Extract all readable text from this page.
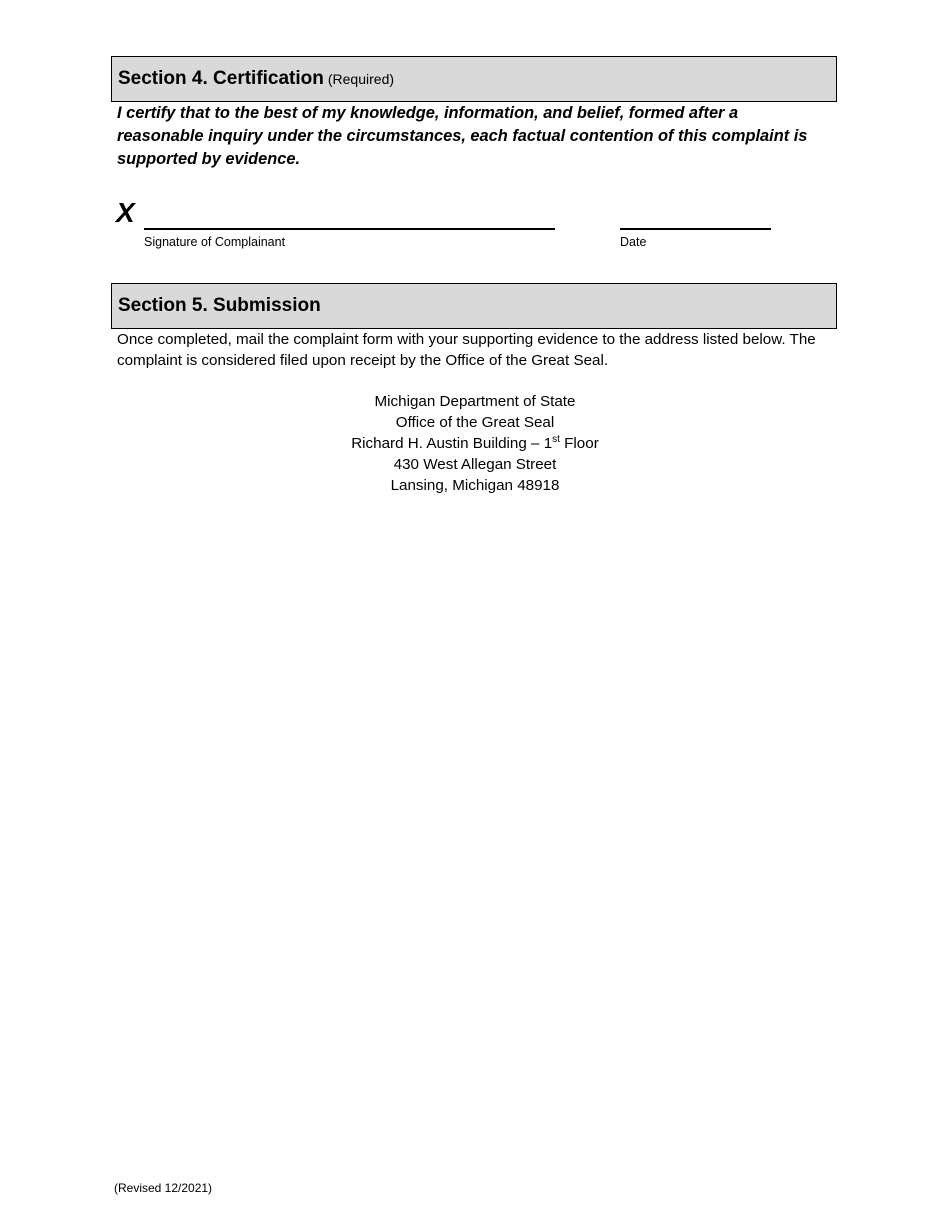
Section 4. Certification (Required)
I certify that to the best of my knowledge, information, and belief, formed after a reasonable inquiry under the circumstances, each factual contention of this complaint is supported by evidence.
X
Signature of Complainant	Date
Section 5. Submission
Once completed, mail the complaint form with your supporting evidence to the address listed below. The complaint is considered filed upon receipt by the Office of the Great Seal.
Michigan Department of State
Office of the Great Seal
Richard H. Austin Building – 1st Floor
430 West Allegan Street
Lansing, Michigan 48918
(Revised 12/2021)
